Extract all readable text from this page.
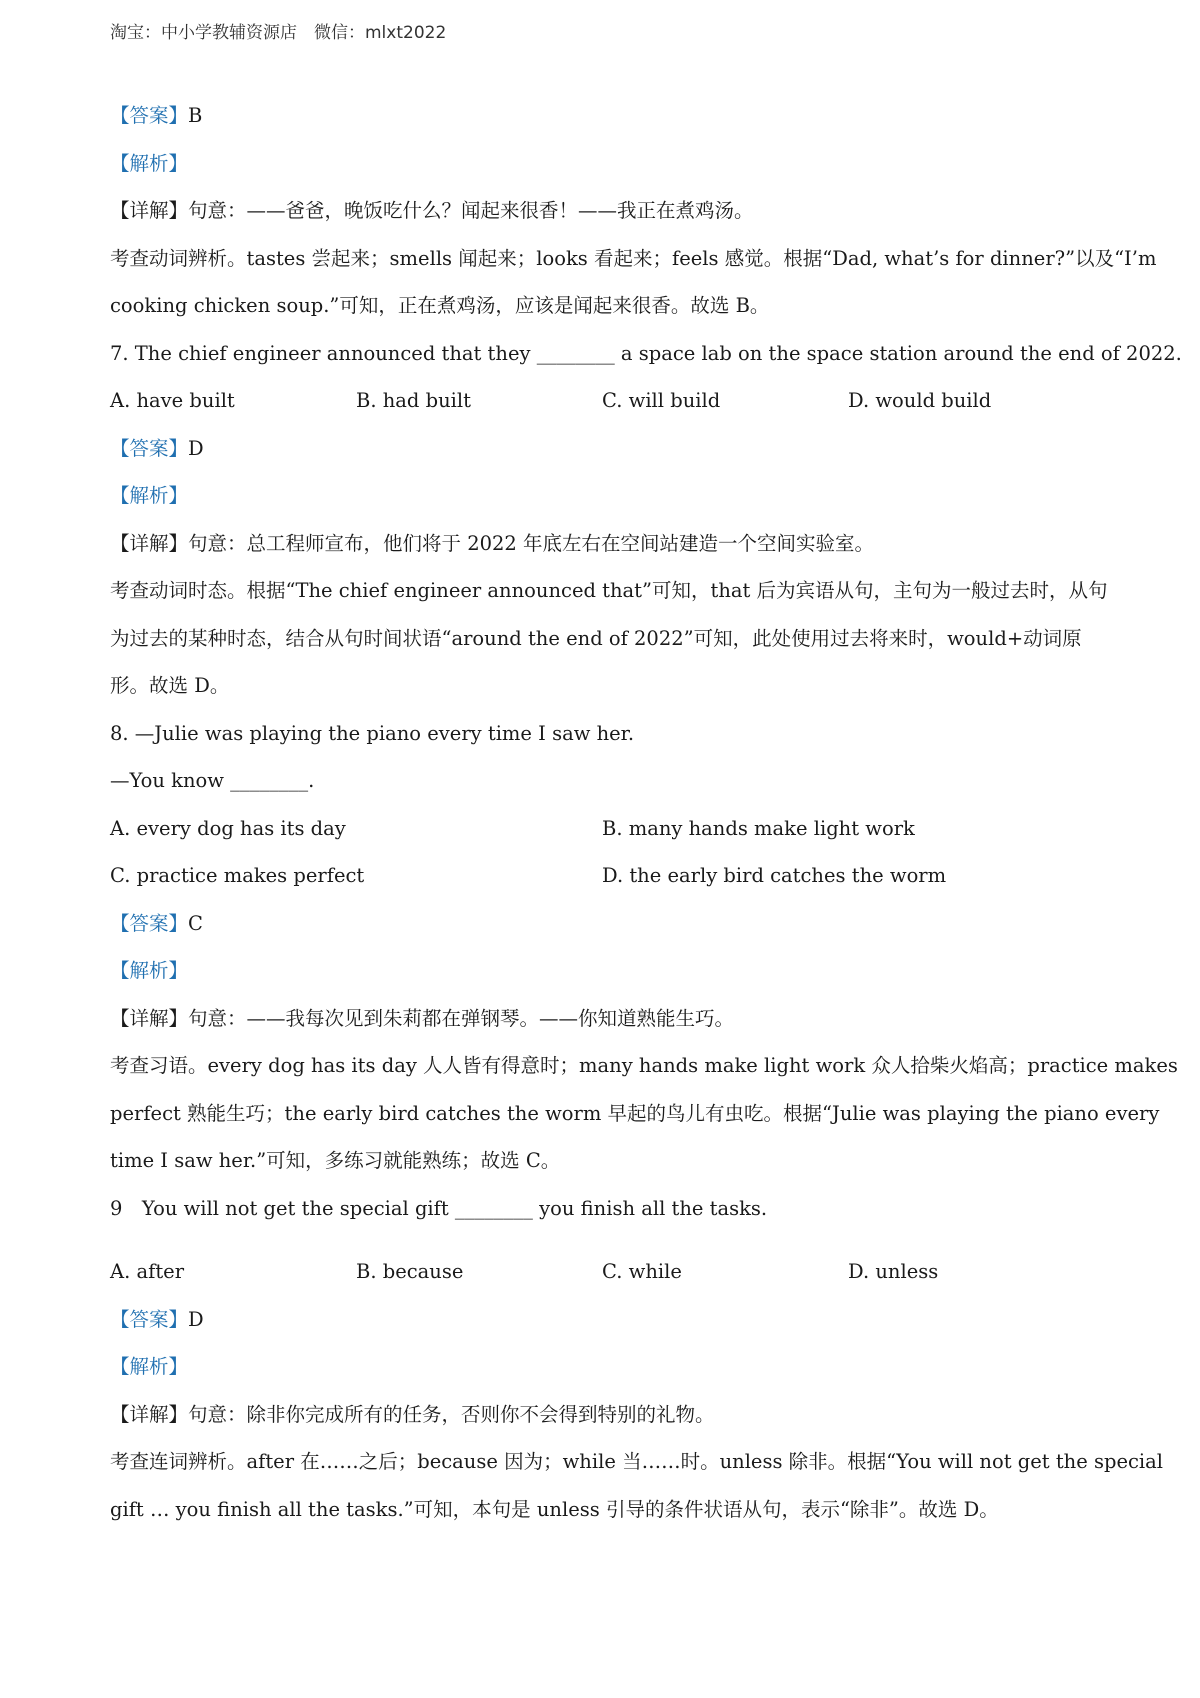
淘宝：中小学教辅资源店　微信：mlxt2022
【答案】B
【解析】
【详解】句意：——爸爸，晚饭吃什么？闻起来很香！——我正在煮鸡汤。
考查动词辨析。tastes 尝起来；smells 闻起来；looks 看起来；feels 感觉。根据“Dad, what’s for dinner?”以及“I’m
cooking chicken soup.”可知，正在煮鸡汤，应该是闻起来很香。故选 B。
7. The chief engineer announced that they ________ a space lab on the space station around the end of 2022.
A. have built	B. had built	C. will build	D. would build
【答案】D
【解析】
【详解】句意：总工程师宣布，他们将于 2022 年底左右在空间站建造一个空间实验室。
考查动词时态。根据“The chief engineer announced that”可知，that 后为宾语从句，主句为一般过去时，从句
为过去的某种时态，结合从句时间状语“around the end of 2022”可知，此处使用过去将来时，would+动词原
形。故选 D。
8. —Julie was playing the piano every time I saw her.
—You know ________.
A. every dog has its day	B. many hands make light work
C. practice makes perfect	D. the early bird catches the worm
【答案】C
【解析】
【详解】句意：——我每次见到朱莉都在弹钢琴。——你知道熟能生巧。
考查习语。every dog has its day 人人皆有得意时；many hands make light work 众人拾柴火焰高；practice makes
perfect 熟能生巧；the early bird catches the worm 早起的鸟儿有虫吃。根据“Julie was playing the piano every
time I saw her.”可知，多练习就能熟练；故选 C。
9　You will not get the special gift ________ you finish all the tasks.
A. after	B. because	C. while	D. unless
【答案】D
【解析】
【详解】句意：除非你完成所有的任务，否则你不会得到特别的礼物。
考查连词辨析。after 在……之后；because 因为；while 当……时。unless 除非。根据“You will not get the special
gift … you finish all the tasks.”可知，本句是 unless 引导的条件状语从句，表示“除非”。故选 D。
